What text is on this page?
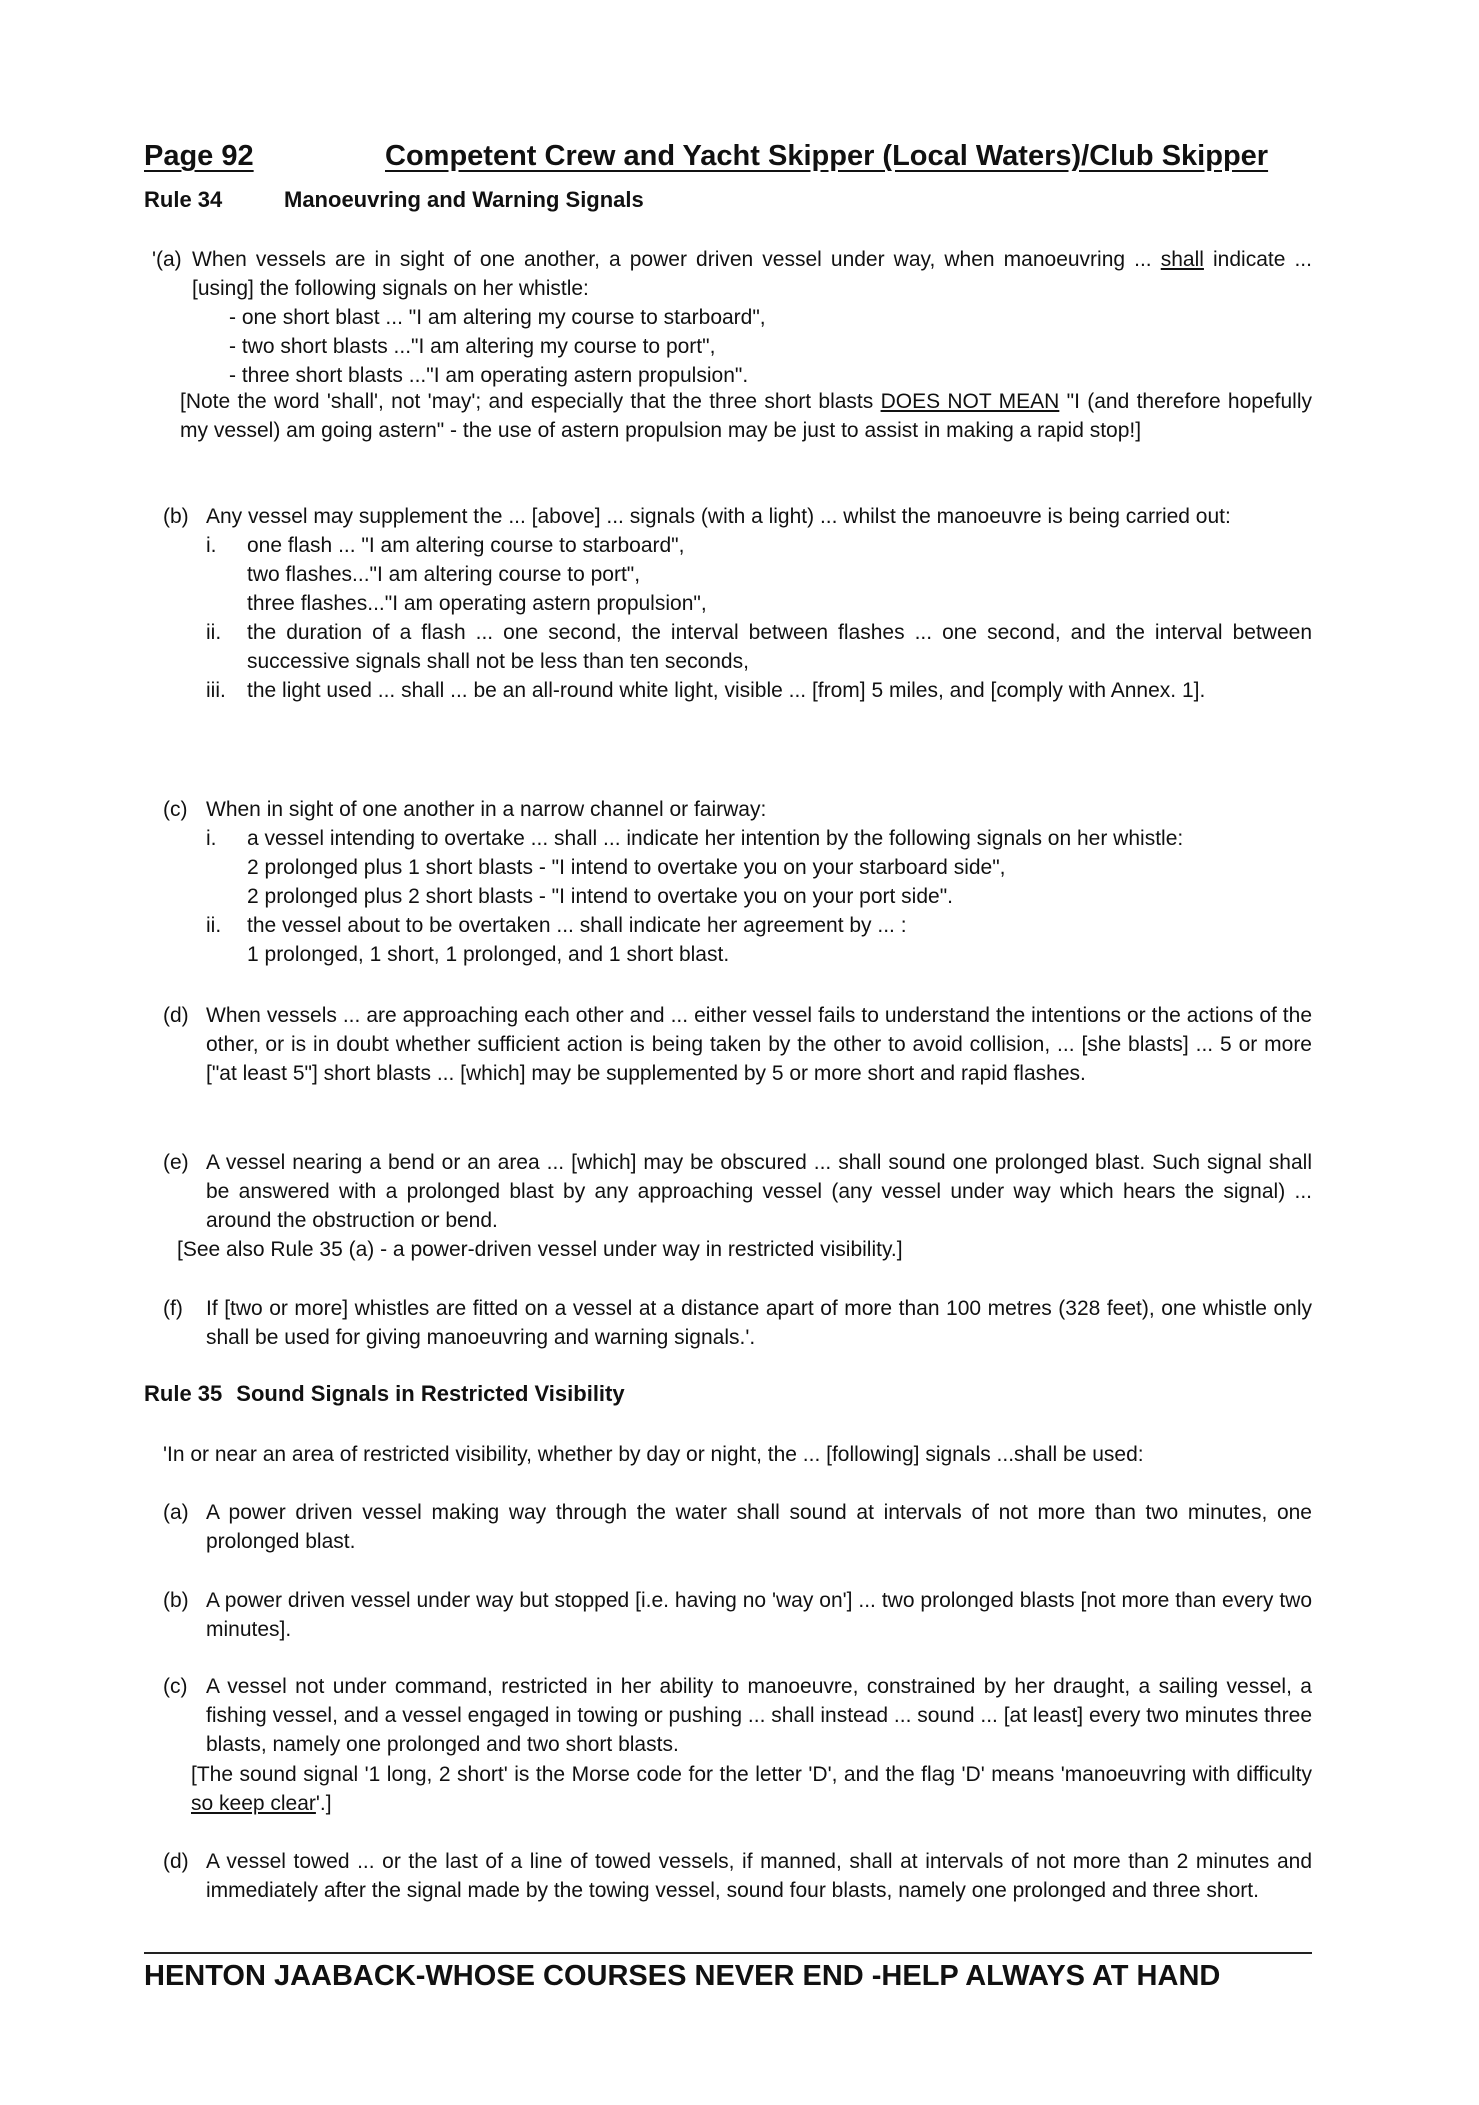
Page 92	Competent Crew and Yacht Skipper (Local Waters)/Club Skipper
Rule 34	Manoeuvring and Warning Signals
'(a) When vessels are in sight of one another, a power driven vessel under way, when manoeuvring ... shall indicate ... [using] the following signals on her whistle:

- one short blast ... "I am altering my course to starboard",

- two short blasts ..."I am altering my course to port",

- three short blasts ..."I am operating astern propulsion".

[Note the word 'shall', not 'may'; and especially that the three short blasts DOES NOT MEAN "I (and therefore hopefully my vessel) am going astern" - the use of astern propulsion may be just to assist in making a rapid stop!]

(b) Any vessel may supplement the ... [above] ... signals (with a light) ... whilst the manoeuvre is being carried out:
i.	one flash ... "I am altering course to starboard",

two flashes..."I am altering course to port",

three flashes..."I am operating astern propulsion",

ii.	the duration of a flash ... one second, the interval between flashes ... one second, and the interval between successive signals shall not be less than ten seconds,
iii.	the light used ... shall ... be an all-round white light, visible ... [from] 5 miles, and [comply with Annex. 1].
(c) When in sight of one another in a narrow channel or fairway:
i.	a vessel intending to overtake ... shall ... indicate her intention by the following signals on her whistle:

2 prolonged plus 1 short blasts - "I intend to overtake you on your starboard side",

2 prolonged plus 2 short blasts - "I intend to overtake you on your port side".

ii.	the vessel about to be overtaken ... shall indicate her agreement by ... :

1 prolonged, 1 short, 1 prolonged, and 1 short blast.

(d) When vessels ... are approaching each other and ... either vessel fails to understand the intentions or the actions of the other, or is in doubt whether sufficient action is being taken by the other to avoid collision, ... [she blasts] ... 5 or more ["at least 5"] short blasts ... [which] may be supplemented by 5 or more short and rapid flashes.
(e) A vessel nearing a bend or an area ... [which] may be obscured ... shall sound one prolonged blast. Such signal shall be answered with a prolonged blast by any approaching vessel (any vessel under way which hears the signal) ... around the obstruction or bend.

[See also Rule 35 (a) - a power-driven vessel under way in restricted visibility.]

(f)	If [two or more] whistles are fitted on a vessel at a distance apart of more than 100 metres (328 feet), one whistle only shall be used for giving manoeuvring and warning signals.'.
Rule 35 Sound Signals in Restricted Visibility

'In or near an area of restricted visibility, whether by day or night, the ... [following] signals ...shall be used:

(a) A power driven vessel making way through the water shall sound at intervals of not more than two minutes, one prolonged blast.
(b) A power driven vessel under way but stopped [i.e. having no 'way on'] ... two prolonged blasts [not more than every two minutes].
(c) A vessel not under command, restricted in her ability to manoeuvre, constrained by her draught, a sailing vessel, a fishing vessel, and a vessel engaged in towing or pushing ... shall instead ... sound ... [at least] every two minutes three blasts, namely one prolonged and two short blasts.

[The sound signal '1 long, 2 short' is the Morse code for the letter 'D', and the flag 'D' means 'manoeuvring with difficulty so keep clear'.]

(d) A vessel towed ... or the last of a line of towed vessels, if manned, shall at intervals of not more than 2 minutes and immediately after the signal made by the towing vessel, sound four blasts, namely one prolonged and three short.
HENTON JAABACK-WHOSE COURSES NEVER END -HELP ALWAYS AT HAND
